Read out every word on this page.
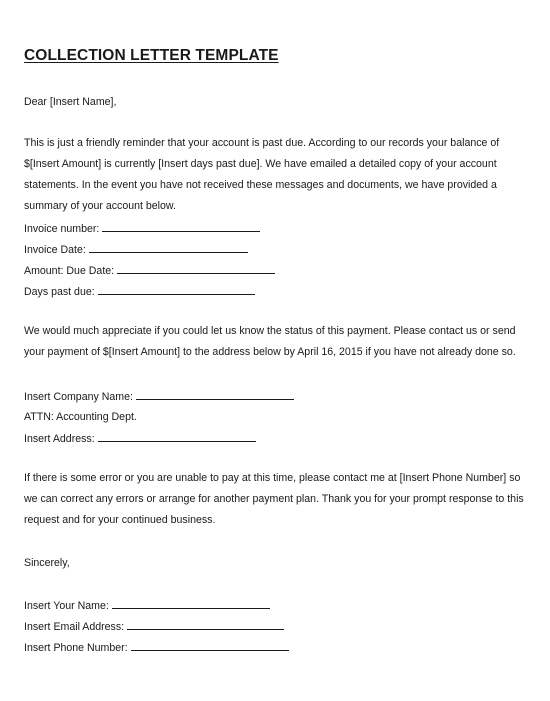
COLLECTION LETTER TEMPLATE
Dear [Insert Name],
This is just a friendly reminder that your account is past due. According to our records your balance of $[Insert Amount] is currently [Insert days past due]. We have emailed a detailed copy of your account statements. In the event you have not received these messages and documents, we have provided a summary of your account below.
Invoice number:
Invoice Date:
Amount: Due Date:
Days past due:
We would much appreciate if you could let us know the status of this payment. Please contact us or send your payment of $[Insert Amount] to the address below by April 16, 2015 if you have not already done so.
Insert Company Name:
ATTN: Accounting Dept.
Insert Address:
If there is some error or you are unable to pay at this time, please contact me at [Insert Phone Number] so we can correct any errors or arrange for another payment plan. Thank you for your prompt response to this request and for your continued business.
Sincerely,
Insert Your Name:
Insert Email Address:
Insert Phone Number:
